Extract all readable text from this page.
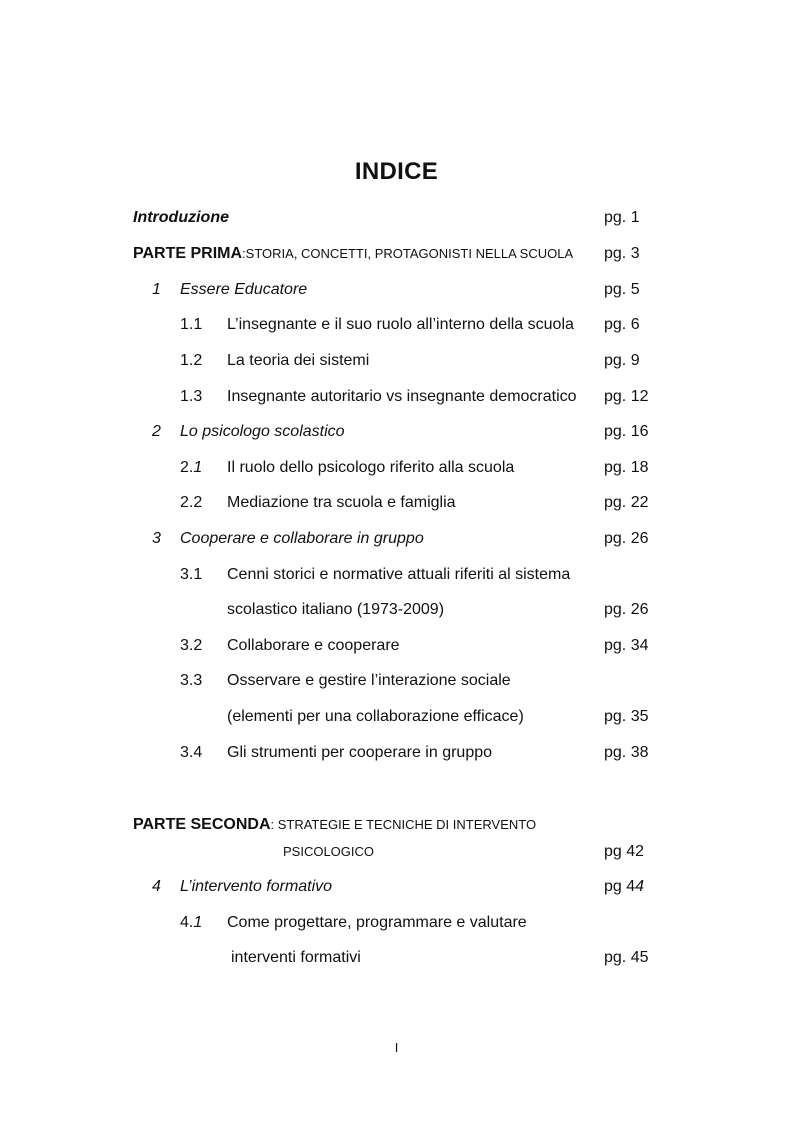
INDICE
Introduzione	pg. 1
PARTE PRIMA:STORIA, CONCETTI, PROTAGONISTI NELLA SCUOLA pg. 3
1 Essere Educatore	pg. 5
1.1 L’insegnante e il suo ruolo all’interno della scuola pg. 6
1.2 La teoria dei sistemi	pg. 9
1.3 Insegnante autoritario vs insegnante democratico pg. 12
2 Lo psicologo scolastico	pg. 16
2.1 Il ruolo dello psicologo riferito alla scuola	pg. 18
2.2 Mediazione tra scuola e famiglia	pg. 22
3 Cooperare e collaborare in gruppo	pg. 26
3.1 Cenni storici e normative attuali riferiti al sistema
scolastico italiano (1973-2009)	pg. 26
3.2 Collaborare e cooperare	pg. 34
3.3 Osservare e gestire l’interazione sociale
(elementi per una collaborazione efficace)	pg. 35
3.4 Gli strumenti per cooperare in gruppo	pg. 38
PARTE SECONDA: STRATEGIE E TECNICHE DI INTERVENTO
PSICOLOGICO	pg 42
4 L’intervento formativo	pg 44
4.1 Come progettare, programmare e valutare
interventi formativi	pg. 45
I
